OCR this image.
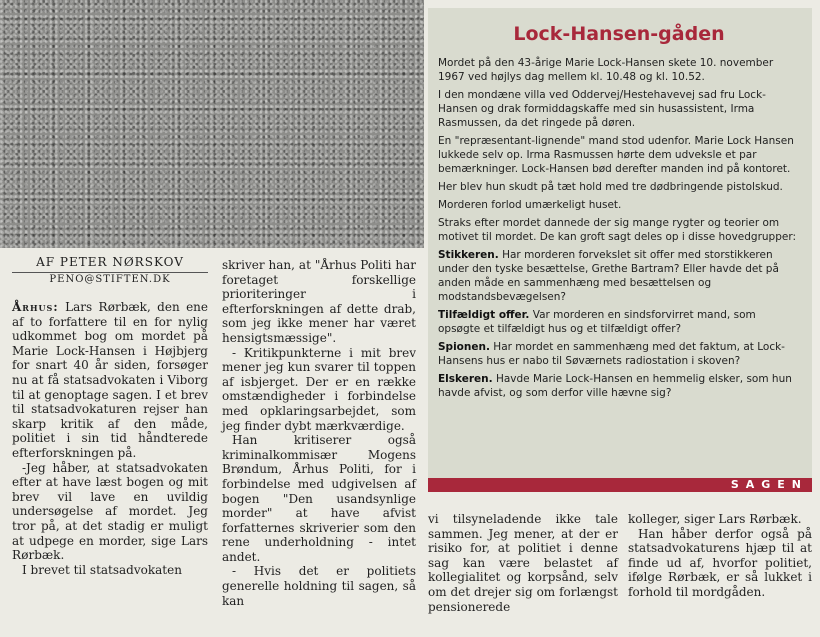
Lock-Hansen-gåden

Mordet på den 43-årige Marie Lock-Hansen skete 10. november 1967 ved højlys dag mellem kl. 10.48 og kl. 10.52.

I den mondæne villa ved Oddervej/Hestehavevej sad fru Lock-Hansen og drak formiddagskaffe med sin husassistent, Irma Rasmussen, da det ringede på døren.

En "repræsentant-lignende" mand stod udenfor. Marie Lock Hansen lukkede selv op. Irma Rasmussen hørte dem udveksle et par bemærkninger. Lock-Hansen bød derefter manden ind på kontoret.

Her blev hun skudt på tæt hold med tre dødbringende pistolskud.

Morderen forlod umærkeligt huset.

Straks efter mordet dannede der sig mange rygter og teorier om motivet til mordet. De kan groft sagt deles op i disse hovedgrupper:

Stikkeren. Har morderen forvekslet sit offer med storstikkeren under den tyske besættelse, Grethe Bartram? Eller havde det på anden måde en sammenhæng med besættelsen og modstandsbevægelsen?

Tilfældigt offer. Var morderen en sindsforvirret mand, som opsøgte et tilfældigt hus og et tilfældigt offer?

Spionen. Har mordet en sammenhæng med det faktum, at Lock-Hansens hus er nabo til Søværnets radiostation i skoven?

Elskeren. Havde Marie Lock-Hansen en hemmelig elsker, som hun havde afvist, og som derfor ville hævne sig?

SAGEN
AF PETER NØRSKOV
PENO@STIFTEN.DK

Århus: Lars Rørbæk, den ene af to forfattere til en for nylig udkommet bog om mordet på Marie Lock-Hansen i Højbjerg for snart 40 år siden, forsøger nu at få statsadvokaten i Viborg til at genoptage sagen. I et brev til statsadvokaturen rejser han skarp kritik af den måde, politiet i sin tid håndterede efterforskningen på.

-Jeg håber, at statsadvokaten efter at have læst bogen og mit brev vil lave en uvildig undersøgelse af mordet. Jeg tror på, at det stadig er muligt at udpege en morder, sige Lars Rørbæk.

I brevet til statsadvokaten

skriver han, at "Århus Politi har foretaget forskellige prioriteringer i efterforskningen af dette drab, som jeg ikke mener har været hensigtsmæssige".

- Kritikpunkterne i mit brev mener jeg kun svarer til toppen af isbjerget. Der er en række omstændigheder i forbindelse med opklaringsarbejdet, som jeg finder dybt mærkværdige.

Han kritiserer også kriminalkommisær Mogens Brøndum, Århus Politi, for i forbindelse med udgivelsen af bogen "Den usandsynlige morder" at have afvist forfatternes skriverier som den rene underholdning - intet andet.

- Hvis det er politiets generelle holdning til sagen, så kan

vi tilsyneladende ikke tale sammen. Jeg mener, at der er risiko for, at politiet i denne sag kan være belastet af kollegialitet og korpsånd, selv om det drejer sig om forlængst pensionerede

kolleger, siger Lars Rørbæk.

Han håber derfor også på statsadvokaturens hjæp til at finde ud af, hvorfor politiet, ifølge Rørbæk, er så lukket i forhold til mordgåden.
